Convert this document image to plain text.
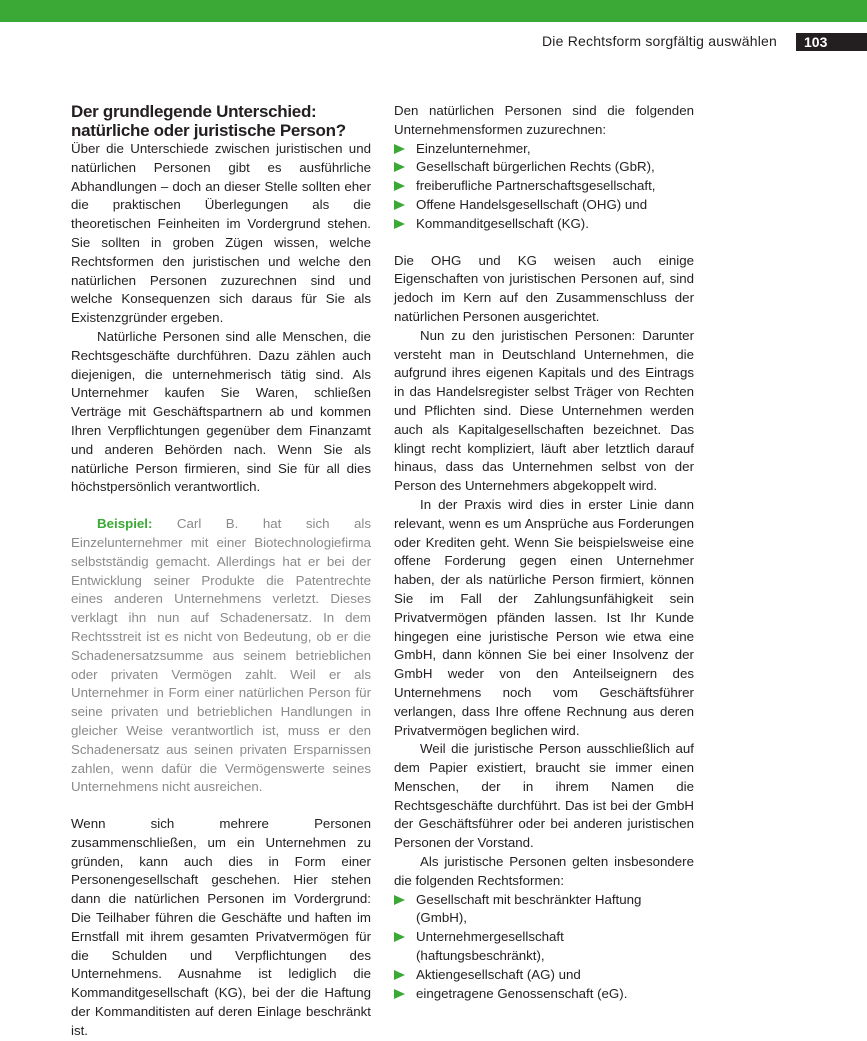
Die Rechtsform sorgfältig auswählen	103
Der grundlegende Unterschied:
natürliche oder juristische Person?

Über die Unterschiede zwischen juristischen und natürlichen Personen gibt es ausführliche Abhandlungen – doch an dieser Stelle sollten eher die praktischen Überlegungen als die theoretischen Feinheiten im Vordergrund stehen. Sie sollten in groben Zügen wissen, welche Rechtsformen den juristischen und welche den natürlichen Personen zuzurechnen sind und welche Konsequenzen sich daraus für Sie als Existenzgründer ergeben.

Natürliche Personen sind alle Menschen, die Rechtsgeschäfte durchführen. Dazu zählen auch diejenigen, die unternehmerisch tätig sind. Als Unternehmer kaufen Sie Waren, schließen Verträge mit Geschäftspartnern ab und kommen Ihren Verpflichtungen gegenüber dem Finanzamt und anderen Behörden nach. Wenn Sie als natürliche Person firmieren, sind Sie für all dies höchstpersönlich verantwortlich.

Beispiel: Carl B. hat sich als Einzelunternehmer mit einer Biotechnologiefirma selbstständig gemacht. Allerdings hat er bei der Entwicklung seiner Produkte die Patentrechte eines anderen Unternehmens verletzt. Dieses verklagt ihn nun auf Schadenersatz. In dem Rechtsstreit ist es nicht von Bedeutung, ob er die Schadenersatzsumme aus seinem betrieblichen oder privaten Vermögen zahlt. Weil er als Unternehmer in Form einer natürlichen Person für seine privaten und betrieblichen Handlungen in gleicher Weise verantwortlich ist, muss er den Schadenersatz aus seinen privaten Ersparnissen zahlen, wenn dafür die Vermögenswerte seines Unternehmens nicht ausreichen.

Wenn sich mehrere Personen zusammenschließen, um ein Unternehmen zu gründen, kann auch dies in Form einer Personengesellschaft geschehen. Hier stehen dann die natürlichen Personen im Vordergrund: Die Teilhaber führen die Geschäfte und haften im Ernstfall mit ihrem gesamten Privatvermögen für die Schulden und Verpflichtungen des Unternehmens. Ausnahme ist lediglich die Kommanditgesellschaft (KG), bei der die Haftung der Kommanditisten auf deren Einlage beschränkt ist.

Den natürlichen Personen sind die folgenden Unternehmensformen zuzurechnen:

Einzelunternehmer,
Gesellschaft bürgerlichen Rechts (GbR),
freiberufliche Partnerschaftsgesellschaft,
Offene Handelsgesellschaft (OHG) und
Kommanditgesellschaft (KG).

Die OHG und KG weisen auch einige Eigenschaften von juristischen Personen auf, sind jedoch im Kern auf den Zusammenschluss der natürlichen Personen ausgerichtet.

Nun zu den juristischen Personen: Darunter versteht man in Deutschland Unternehmen, die aufgrund ihres eigenen Kapitals und des Eintrags in das Handelsregister selbst Träger von Rechten und Pflichten sind. Diese Unternehmen werden auch als Kapitalgesellschaften bezeichnet. Das klingt recht kompliziert, läuft aber letztlich darauf hinaus, dass das Unternehmen selbst von der Person des Unternehmers abgekoppelt wird.

In der Praxis wird dies in erster Linie dann relevant, wenn es um Ansprüche aus Forderungen oder Krediten geht. Wenn Sie beispielsweise eine offene Forderung gegen einen Unternehmer haben, der als natürliche Person firmiert, können Sie im Fall der Zahlungsunfähigkeit sein Privatvermögen pfänden lassen. Ist Ihr Kunde hingegen eine juristische Person wie etwa eine GmbH, dann können Sie bei einer Insolvenz der GmbH weder von den Anteilseignern des Unternehmens noch vom Geschäftsführer verlangen, dass Ihre offene Rechnung aus deren Privatvermögen beglichen wird.

Weil die juristische Person ausschließlich auf dem Papier existiert, braucht sie immer einen Menschen, der in ihrem Namen die Rechtsgeschäfte durchführt. Das ist bei der GmbH der Geschäftsführer oder bei anderen juristischen Personen der Vorstand.

Als juristische Personen gelten insbesondere die folgenden Rechtsformen:

Gesellschaft mit beschränkter Haftung (GmbH),
Unternehmergesellschaft (haftungsbeschränkt),
Aktiengesellschaft (AG) und
eingetragene Genossenschaft (eG).
